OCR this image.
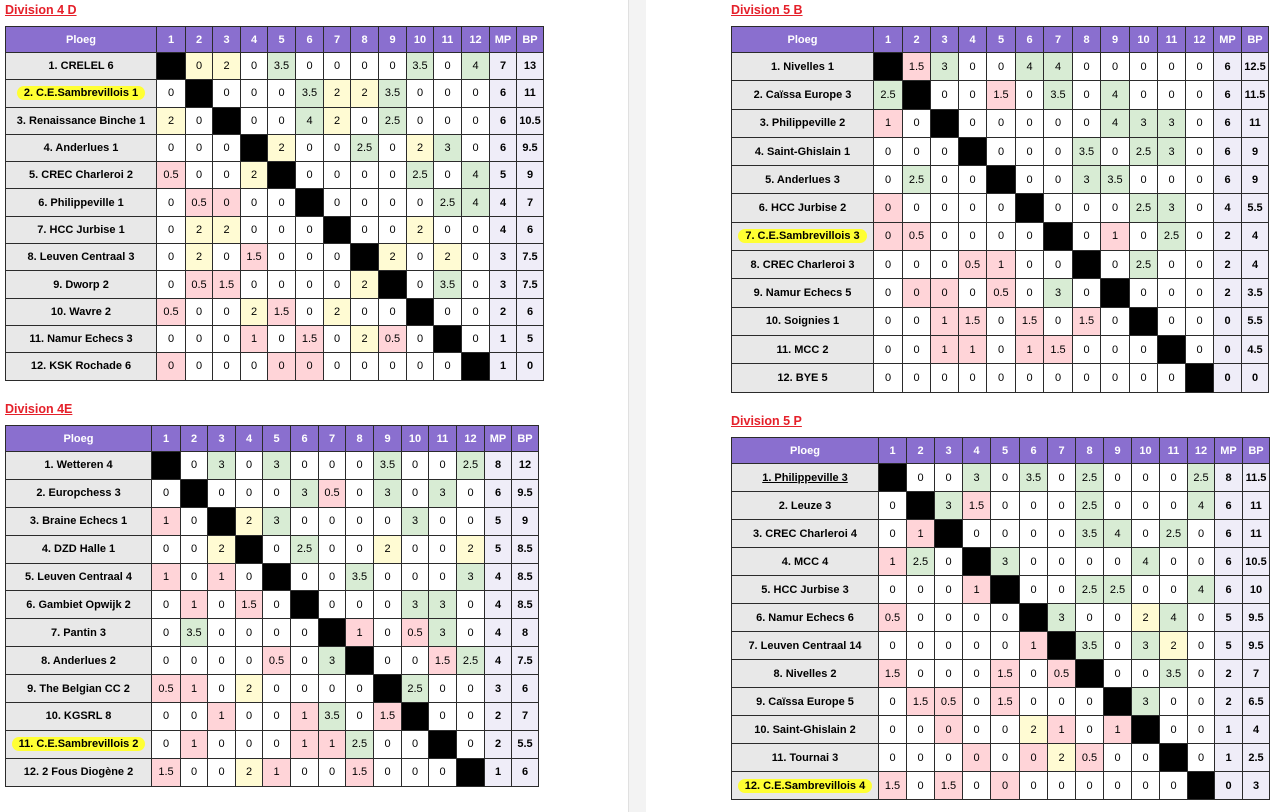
Division 4 D
Ploeg	1	2	3	4	5	6	7	8	9	10	11	12	MP	BP
1. CRELEL 6		0	2	0	3.5	0	0	0	0	3.5	0	4	7	13
2. C.E.Sambrevillois 1	0		0	0	0	3.5	2	2	3.5	0	0	0	6	11
3. Renaissance Binche 1	2	0		0	0	4	2	0	2.5	0	0	0	6	10.5
4. Anderlues 1	0	0	0		2	0	0	2.5	0	2	3	0	6	9.5
5. CREC Charleroi 2	0.5	0	0	2		0	0	0	0	2.5	0	4	5	9
6. Philippeville 1	0	0.5	0	0	0		0	0	0	0	2.5	4	4	7
7. HCC Jurbise 1	0	2	2	0	0	0		0	0	2	0	0	4	6
8. Leuven Centraal 3	0	2	0	1.5	0	0	0		2	0	2	0	3	7.5
9. Dworp 2	0	0.5	1.5	0	0	0	0	2		0	3.5	0	3	7.5
10. Wavre 2	0.5	0	0	2	1.5	0	2	0	0		0	0	2	6
11. Namur Echecs 3	0	0	0	1	0	1.5	0	2	0.5	0		0	1	5
12. KSK Rochade 6	0	0	0	0	0	0	0	0	0	0	0		1	0
Division 4E
Ploeg	1	2	3	4	5	6	7	8	9	10	11	12	MP	BP
1. Wetteren 4		0	3	0	3	0	0	0	3.5	0	0	2.5	8	12
2. Europchess 3	0		0	0	0	3	0.5	0	3	0	3	0	6	9.5
3. Braine Echecs 1	1	0		2	3	0	0	0	0	3	0	0	5	9
4. DZD Halle 1	0	0	2		0	2.5	0	0	2	0	0	2	5	8.5
5. Leuven Centraal 4	1	0	1	0		0	0	3.5	0	0	0	3	4	8.5
6. Gambiet Opwijk 2	0	1	0	1.5	0		0	0	0	3	3	0	4	8.5
7. Pantin 3	0	3.5	0	0	0	0		1	0	0.5	3	0	4	8
8. Anderlues 2	0	0	0	0	0.5	0	3		0	0	1.5	2.5	4	7.5
9. The Belgian CC 2	0.5	1	0	2	0	0	0	0		2.5	0	0	3	6
10. KGSRL 8	0	0	1	0	0	1	3.5	0	1.5		0	0	2	7
11. C.E.Sambrevillois 2	0	1	0	0	0	1	1	2.5	0	0		0	2	5.5
12. 2 Fous Diogène 2	1.5	0	0	2	1	0	0	1.5	0	0	0		1	6
Division 5 B
Ploeg	1	2	3	4	5	6	7	8	9	10	11	12	MP	BP
1. Nivelles 1		1.5	3	0	0	4	4	0	0	0	0	0	6	12.5
2. Caïssa Europe 3	2.5		0	0	1.5	0	3.5	0	4	0	0	0	6	11.5
3. Philippeville 2	1	0		0	0	0	0	0	4	3	3	0	6	11
4. Saint-Ghislain 1	0	0	0		0	0	0	3.5	0	2.5	3	0	6	9
5. Anderlues 3	0	2.5	0	0		0	0	3	3.5	0	0	0	6	9
6. HCC Jurbise 2	0	0	0	0	0		0	0	0	2.5	3	0	4	5.5
7. C.E.Sambrevillois 3	0	0.5	0	0	0	0		0	1	0	2.5	0	2	4
8. CREC Charleroi 3	0	0	0	0.5	1	0	0		0	2.5	0	0	2	4
9. Namur Echecs 5	0	0	0	0	0.5	0	3	0		0	0	0	2	3.5
10. Soignies 1	0	0	1	1.5	0	1.5	0	1.5	0		0	0	0	5.5
11. MCC 2	0	0	1	1	0	1	1.5	0	0	0		0	0	4.5
12. BYE 5	0	0	0	0	0	0	0	0	0	0	0		0	0
Division 5 P
Ploeg	1	2	3	4	5	6	7	8	9	10	11	12	MP	BP
1. Philippeville 3		0	0	3	0	3.5	0	2.5	0	0	0	2.5	8	11.5
2. Leuze 3	0		3	1.5	0	0	0	2.5	0	0	0	4	6	11
3. CREC Charleroi 4	0	1		0	0	0	0	3.5	4	0	2.5	0	6	11
4. MCC 4	1	2.5	0		3	0	0	0	0	4	0	0	6	10.5
5. HCC Jurbise 3	0	0	0	1		0	0	2.5	2.5	0	0	4	6	10
6. Namur Echecs 6	0.5	0	0	0	0		3	0	0	2	4	0	5	9.5
7. Leuven Centraal 14	0	0	0	0	0	1		3.5	0	3	2	0	5	9.5
8. Nivelles 2	1.5	0	0	0	1.5	0	0.5		0	0	3.5	0	2	7
9. Caïssa Europe 5	0	1.5	0.5	0	1.5	0	0	0		3	0	0	2	6.5
10. Saint-Ghislain 2	0	0	0	0	0	2	1	0	1		0	0	1	4
11. Tournai 3	0	0	0	0	0	0	2	0.5	0	0		0	1	2.5
12. C.E.Sambrevillois 4	1.5	0	1.5	0	0	0	0	0	0	0	0		0	3
